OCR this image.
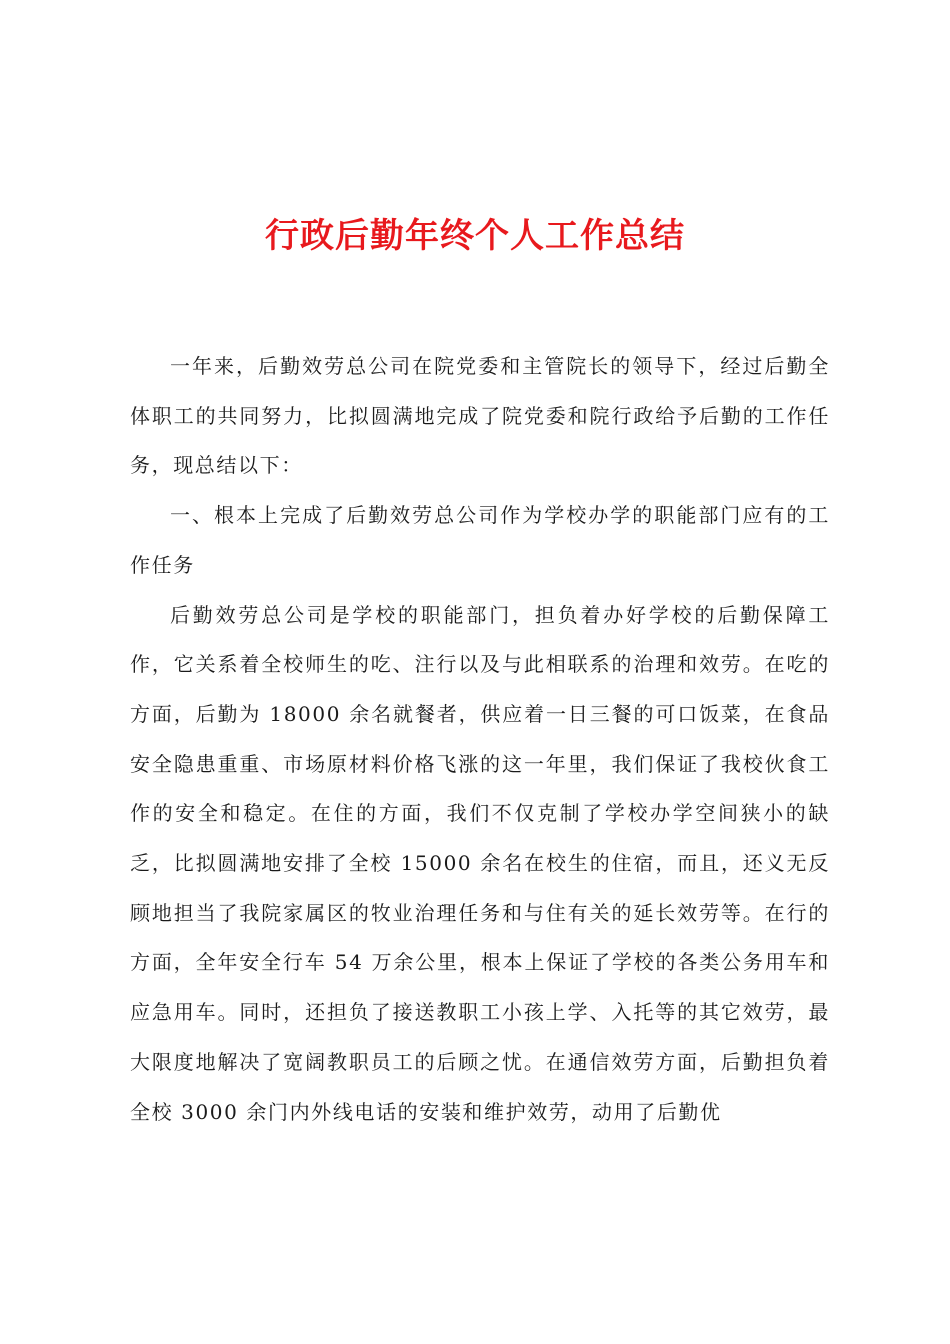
行政后勤年终个人工作总结

一年来，后勤效劳总公司在院党委和主管院长的领导下，经过后勤全体职工的共同努力，比拟圆满地完成了院党委和院行政给予后勤的工作任务，现总结以下：

一、根本上完成了后勤效劳总公司作为学校办学的职能部门应有的工作任务

后勤效劳总公司是学校的职能部门，担负着办好学校的后勤保障工作，它关系着全校师生的吃、注行以及与此相联系的治理和效劳。在吃的方面，后勤为 18000 余名就餐者，供应着一日三餐的可口饭菜，在食品安全隐患重重、市场原材料价格飞涨的这一年里，我们保证了我校伙食工作的安全和稳定。在住的方面，我们不仅克制了学校办学空间狭小的缺乏，比拟圆满地安排了全校 15000 余名在校生的住宿，而且，还义无反顾地担当了我院家属区的牧业治理任务和与住有关的延长效劳等。在行的方面，全年安全行车 54 万余公里，根本上保证了学校的各类公务用车和应急用车。同时，还担负了接送教职工小孩上学、入托等的其它效劳，最大限度地解决了宽阔教职员工的后顾之忧。在通信效劳方面，后勤担负着全校 3000 余门内外线电话的安装和维护效劳，动用了后勤优
